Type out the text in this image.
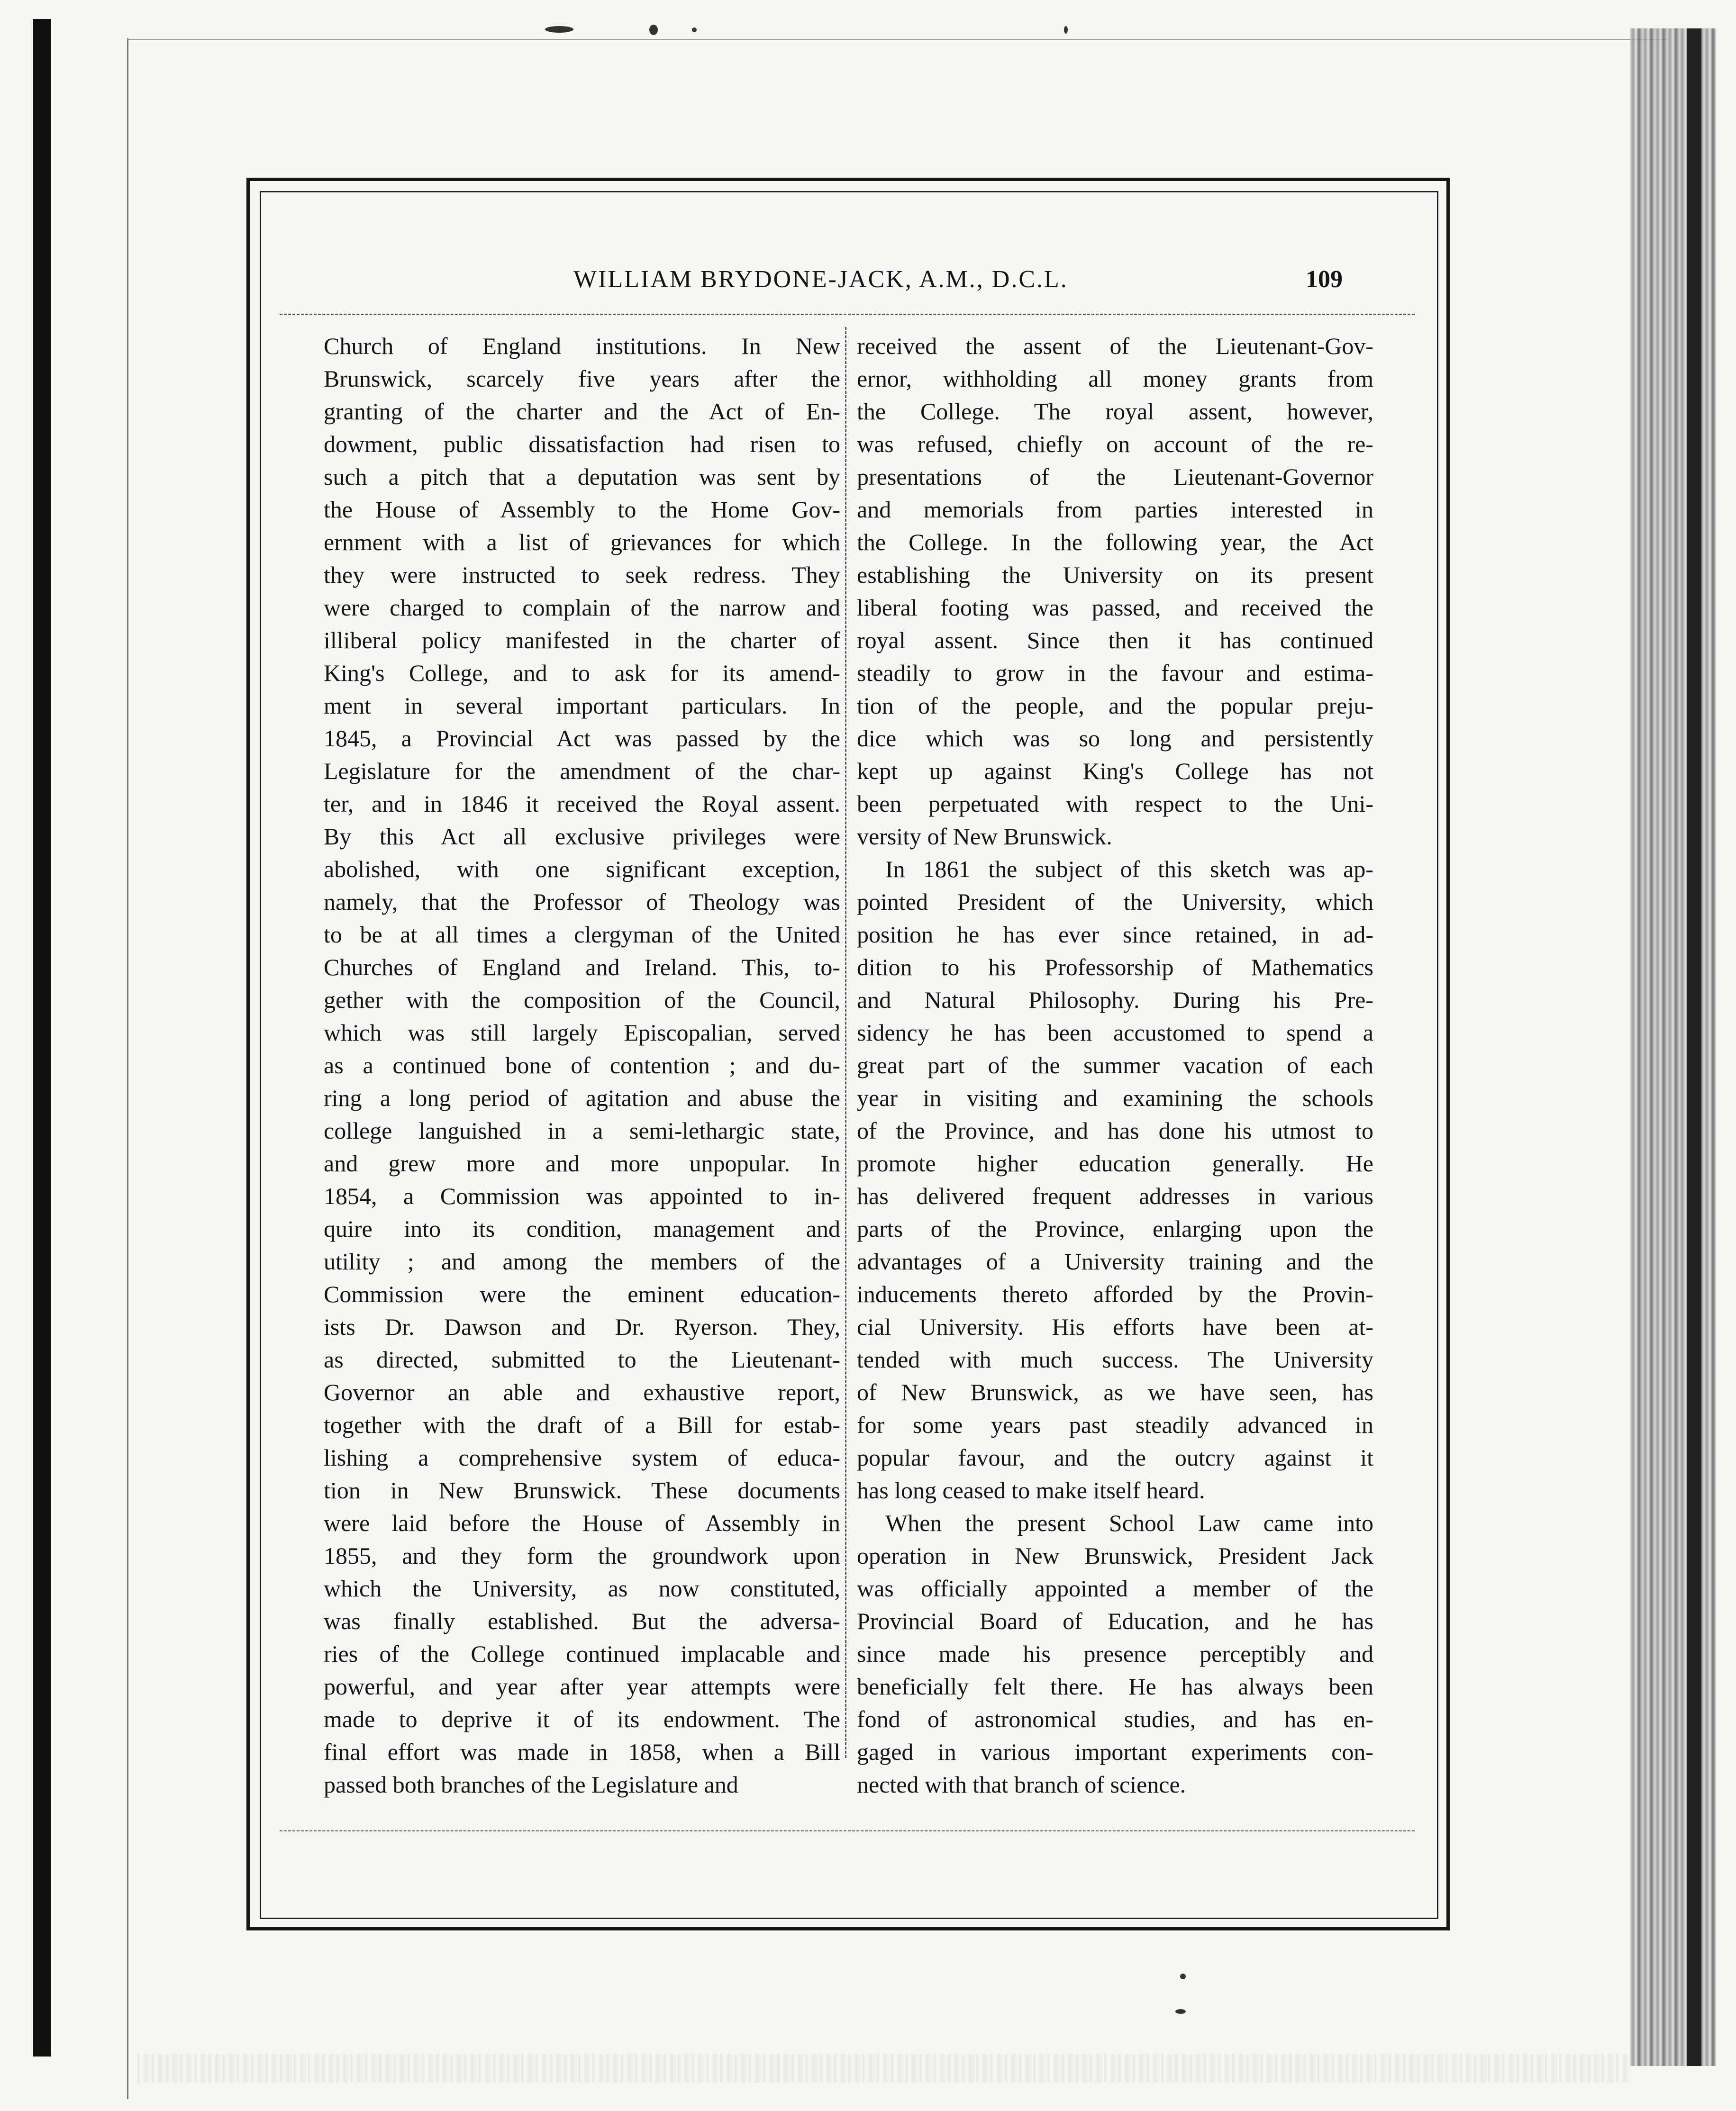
WILLIAM BRYDONE-JACK, A.M., D.C.L.	109
Church of England institutions. In New
Brunswick, scarcely five years after the
granting of the charter and the Act of En-
dowment, public dissatisfaction had risen to
such a pitch that a deputation was sent by
the House of Assembly to the Home Gov-
ernment with a list of grievances for which
they were instructed to seek redress. They
were charged to complain of the narrow and
illiberal policy manifested in the charter of
King's College, and to ask for its amend-
ment in several important particulars. In
1845, a Provincial Act was passed by the
Legislature for the amendment of the char-
ter, and in 1846 it received the Royal assent.
By this Act all exclusive privileges were
abolished, with one significant exception,
namely, that the Professor of Theology was
to be at all times a clergyman of the United
Churches of England and Ireland. This, to-
gether with the composition of the Council,
which was still largely Episcopalian, served
as a continued bone of contention ; and du-
ring a long period of agitation and abuse the
college languished in a semi-lethargic state,
and grew more and more unpopular. In
1854, a Commission was appointed to in-
quire into its condition, management and
utility ; and among the members of the
Commission were the eminent education-
ists Dr. Dawson and Dr. Ryerson. They,
as directed, submitted to the Lieutenant-
Governor an able and exhaustive report,
together with the draft of a Bill for estab-
lishing a comprehensive system of educa-
tion in New Brunswick. These documents
were laid before the House of Assembly in
1855, and they form the groundwork upon
which the University, as now constituted,
was finally established. But the adversa-
ries of the College continued implacable and
powerful, and year after year attempts were
made to deprive it of its endowment. The
final effort was made in 1858, when a Bill
passed both branches of the Legislature and
received the assent of the Lieutenant-Gov-
ernor, withholding all money grants from
the College. The royal assent, however,
was refused, chiefly on account of the re-
presentations of the Lieutenant-Governor
and memorials from parties interested in
the College. In the following year, the Act
establishing the University on its present
liberal footing was passed, and received the
royal assent. Since then it has continued
steadily to grow in the favour and estima-
tion of the people, and the popular preju-
dice which was so long and persistently
kept up against King's College has not
been perpetuated with respect to the Uni-
versity of New Brunswick.
In 1861 the subject of this sketch was ap-
pointed President of the University, which
position he has ever since retained, in ad-
dition to his Professorship of Mathematics
and Natural Philosophy. During his Pre-
sidency he has been accustomed to spend a
great part of the summer vacation of each
year in visiting and examining the schools
of the Province, and has done his utmost to
promote higher education generally. He
has delivered frequent addresses in various
parts of the Province, enlarging upon the
advantages of a University training and the
inducements thereto afforded by the Provin-
cial University. His efforts have been at-
tended with much success. The University
of New Brunswick, as we have seen, has
for some years past steadily advanced in
popular favour, and the outcry against it
has long ceased to make itself heard.
When the present School Law came into
operation in New Brunswick, President Jack
was officially appointed a member of the
Provincial Board of Education, and he has
since made his presence perceptibly and
beneficially felt there. He has always been
fond of astronomical studies, and has en-
gaged in various important experiments con-
nected with that branch of science.
